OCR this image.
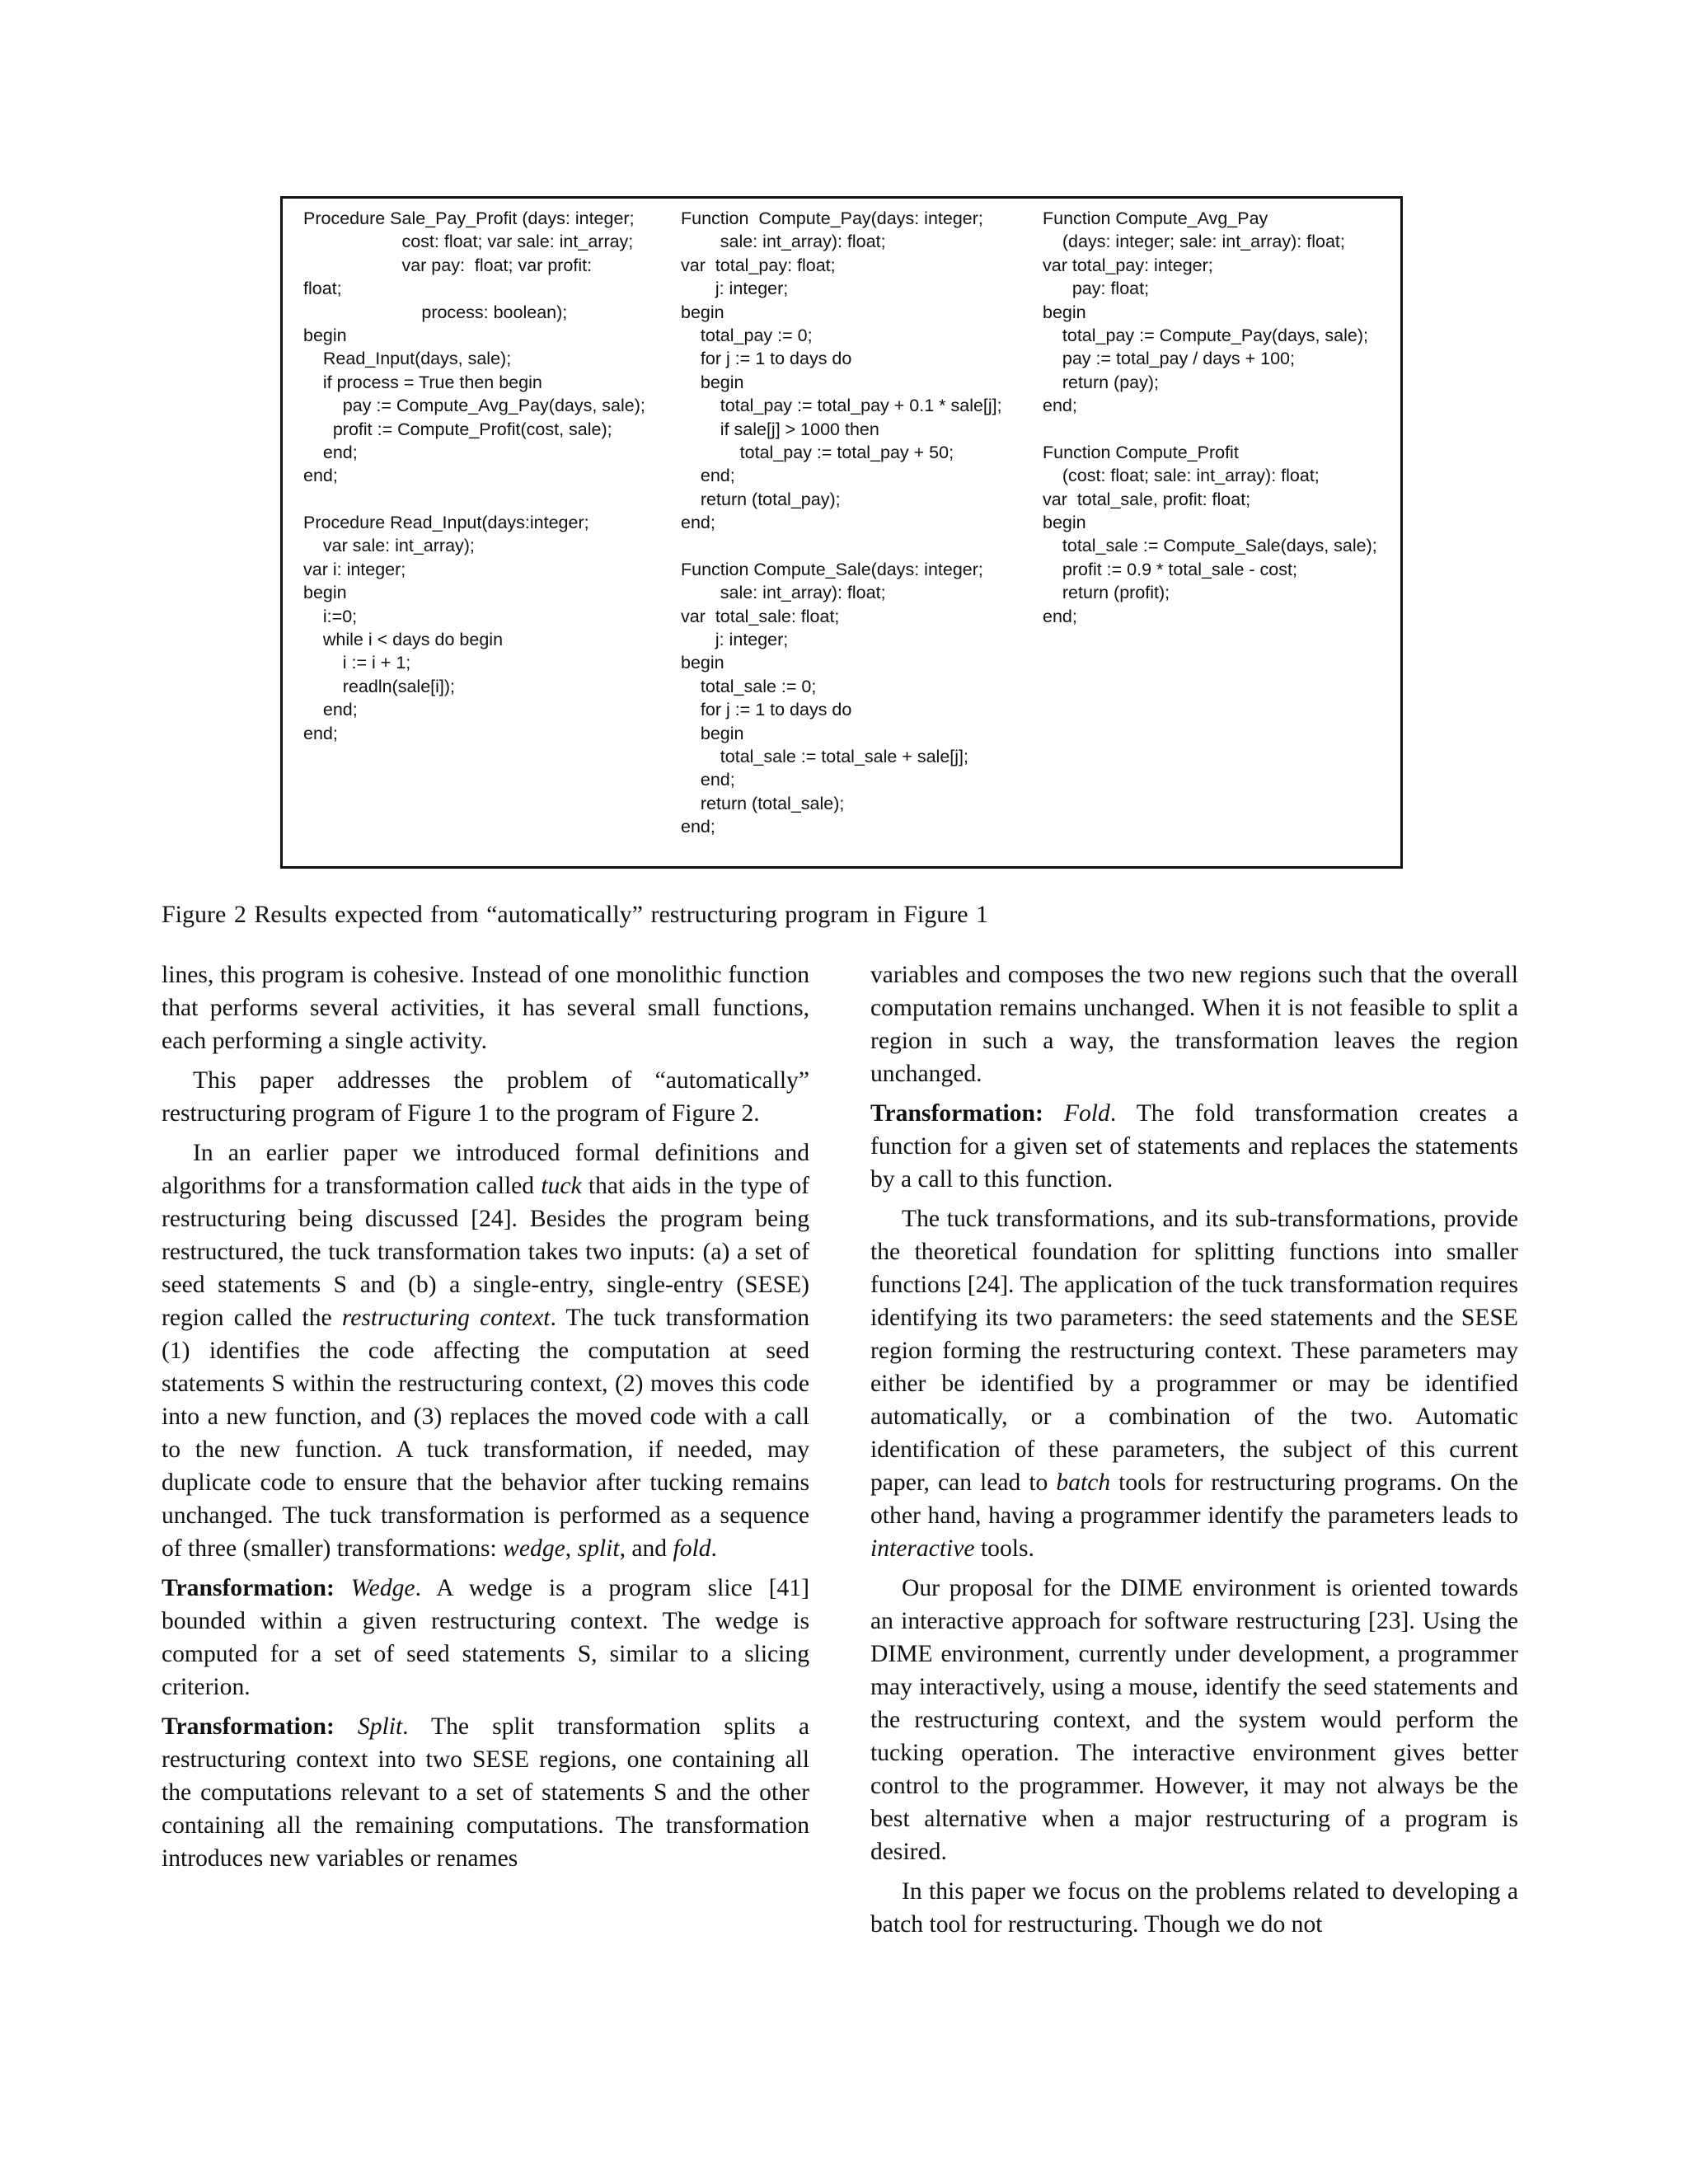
Procedure Sale_Pay_Profit (days: integer;
cost: float; var sale: int_array;
var pay:  float; var profit:
float;
process: boolean);
begin
Read_Input(days, sale);
if process = True then begin
pay := Compute_Avg_Pay(days, sale);
profit := Compute_Profit(cost, sale);
end;
end;

Procedure Read_Input(days:integer;
var sale: int_array);
var i: integer;
begin
i:=0;
while i < days do begin
i := i + 1;
readln(sale[i]);
end;
end;
Function  Compute_Pay(days: integer;
sale: int_array): float;
var  total_pay: float;
j: integer;
begin
total_pay := 0;
for j := 1 to days do
begin
total_pay := total_pay + 0.1 * sale[j];
if sale[j] > 1000 then
total_pay := total_pay + 50;
end;
return (total_pay);
end;

Function Compute_Sale(days: integer;
sale: int_array): float;
var  total_sale: float;
j: integer;
begin
total_sale := 0;
for j := 1 to days do
begin
total_sale := total_sale + sale[j];
end;
return (total_sale);
end;
Function Compute_Avg_Pay
(days: integer; sale: int_array): float;
var total_pay: integer;
pay: float;
begin
total_pay := Compute_Pay(days, sale);
pay := total_pay / days + 100;
return (pay);
end;

Function Compute_Profit
(cost: float; sale: int_array): float;
var  total_sale, profit: float;
begin
total_sale := Compute_Sale(days, sale);
profit := 0.9 * total_sale - cost;
return (profit);
end;
Figure 2 Results expected from “automatically” restructuring program in Figure 1

lines, this program is cohesive. Instead of one monolithic function that performs several activities, it has several small functions, each performing a single activity.

This paper addresses the problem of “automatically” restructuring program of Figure 1 to the program of Figure 2.

In an earlier paper we introduced formal definitions and algorithms for a transformation called tuck that aids in the type of restructuring being discussed [24]. Besides the program being restructured, the tuck transformation takes two inputs: (a) a set of seed statements S and (b) a single-entry, single-entry (SESE) region called the restructuring context. The tuck transformation (1) identifies the code affecting the computation at seed statements S within the restructuring context, (2) moves this code into a new function, and (3) replaces the moved code with a call to the new function. A tuck transformation, if needed, may duplicate code to ensure that the behavior after tucking remains unchanged. The tuck transformation is performed as a sequence of three (smaller) transformations: wedge, split, and fold.

Transformation: Wedge. A wedge is a program slice [41] bounded within a given restructuring context. The wedge is computed for a set of seed statements S, similar to a slicing criterion.

Transformation: Split. The split transformation splits a restructuring context into two SESE regions, one containing all the computations relevant to a set of statements S and the other containing all the remaining computations. The transformation introduces new variables or renames

variables and composes the two new regions such that the overall computation remains unchanged. When it is not feasible to split a region in such a way, the transformation leaves the region unchanged.

Transformation: Fold. The fold transformation creates a function for a given set of statements and replaces the statements by a call to this function.

The tuck transformations, and its sub-transformations, provide the theoretical foundation for splitting functions into smaller functions [24]. The application of the tuck transformation requires identifying its two parameters: the seed statements and the SESE region forming the restructuring context. These parameters may either be identified by a programmer or may be identified automatically, or a combination of the two. Automatic identification of these parameters, the subject of this current paper, can lead to batch tools for restructuring programs. On the other hand, having a programmer identify the parameters leads to interactive tools.

Our proposal for the DIME environment is oriented towards an interactive approach for software restructuring [23]. Using the DIME environment, currently under development, a programmer may interactively, using a mouse, identify the seed statements and the restructuring context, and the system would perform the tucking operation. The interactive environment gives better control to the programmer. However, it may not always be the best alternative when a major restructuring of a program is desired.

In this paper we focus on the problems related to developing a batch tool for restructuring. Though we do not
